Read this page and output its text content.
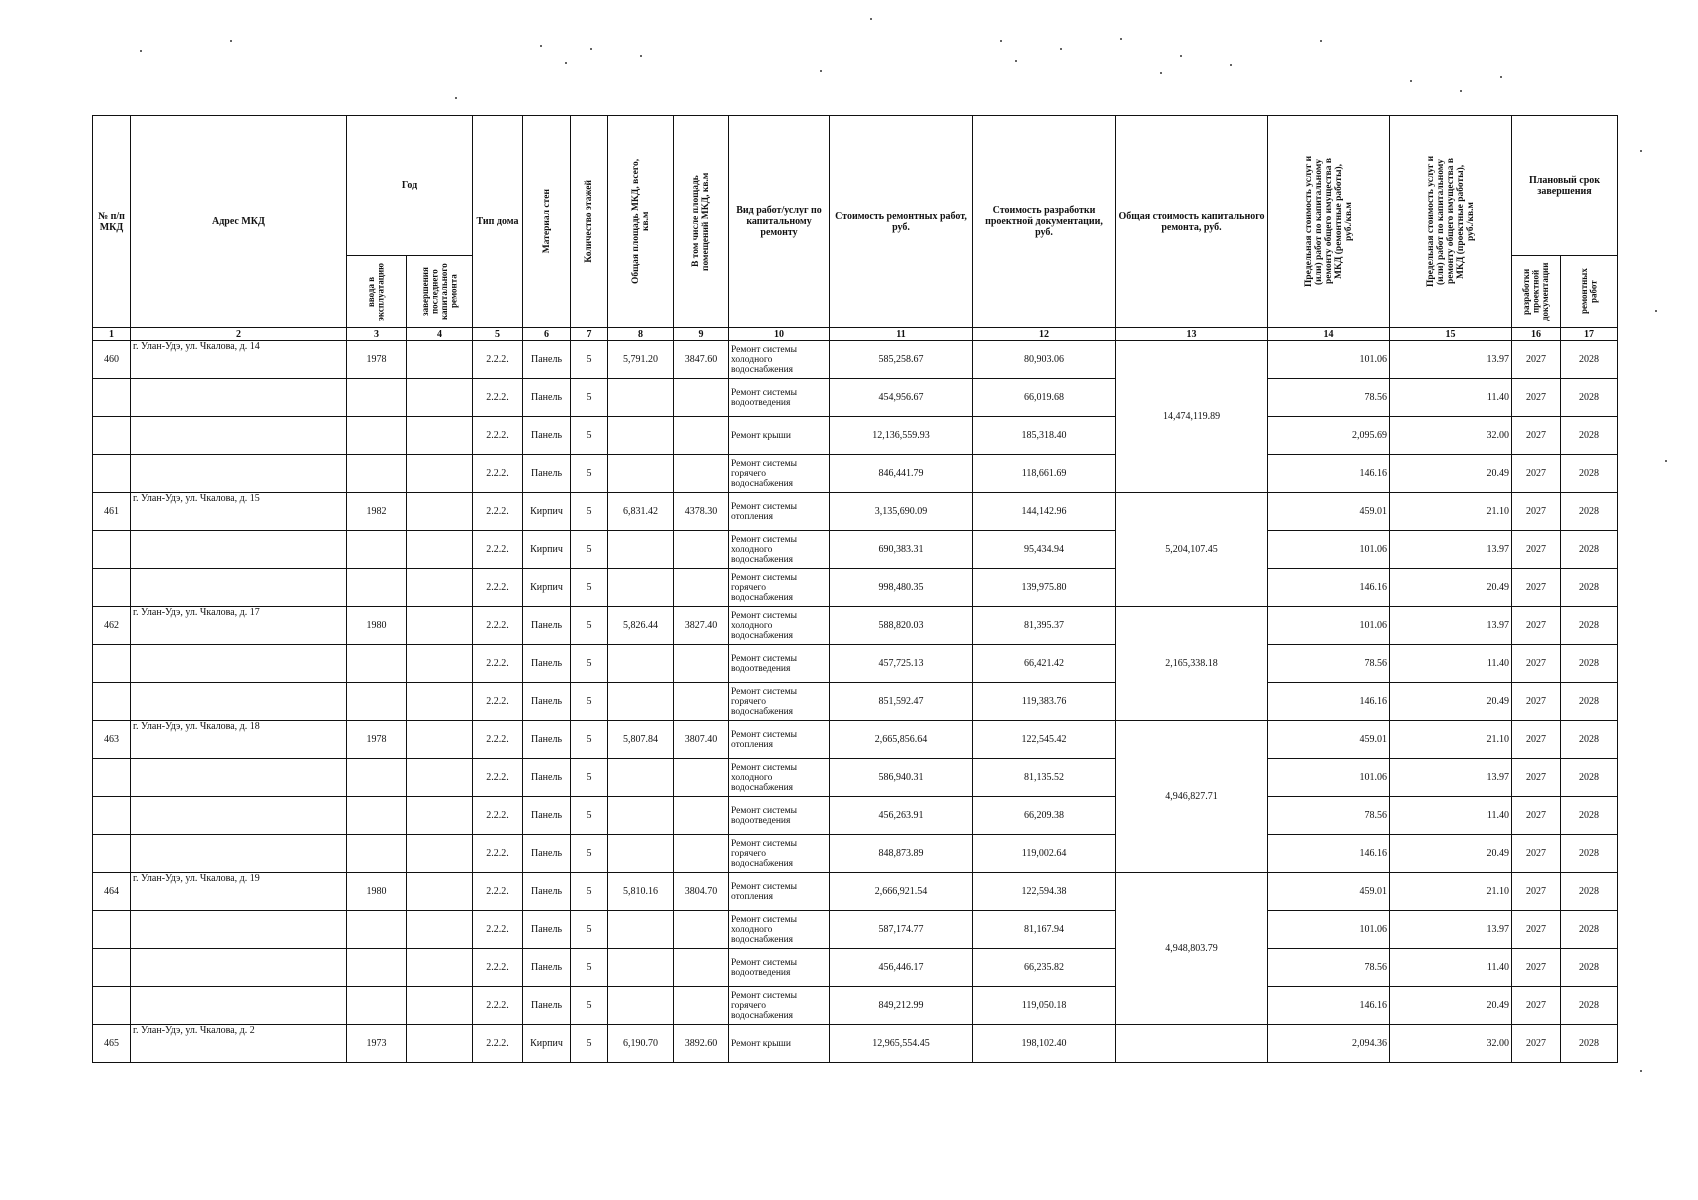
№ п/п МКД	Адрес МКД	Год		Тип дома	Материал стен	Количество этажей	Общая площадь МКД, всего, кв.м	В том числе площадь помещений МКД, кв.м	Вид работ/услуг по капитальному ремонту	Стоимость ремонтных работ, руб.	Стоимость разработки проектной документации, руб.	Общая стоимость капитального ремонта, руб.	Предельная стоимость услуг и (или) работ по капитальному ремонту общего имущества в МКД (ремонтные работы), руб./кв.м	Предельная стоимость услуг и (или) работ по капитальному ремонту общего имущества в МКД (проектные работы), руб./кв.м	Плановый срок завершения	

		ввода в эксплуатацию	завершения последнего капитального ремонта												разработки проектной документации	ремонтных работ

1	2	3	4	5	6	7	8	9	10	11	12	13	14	15	16	17
460	г. Улан-Удэ, ул. Чкалова, д. 14	1978		2.2.2.	Панель	5	5,791.20	3847.60	Ремонт системы холодного водоснабжения	585,258.67	80,903.06	14,474,119.89	101.06	13.97	2027	2028
				2.2.2.	Панель	5			Ремонт системы водоотведения	454,956.67	66,019.68		78.56	11.40	2027	2028
				2.2.2.	Панель	5			Ремонт крыши	12,136,559.93	185,318.40		2,095.69	32.00	2027	2028
				2.2.2.	Панель	5			Ремонт системы горячего водоснабжения	846,441.79	118,661.69		146.16	20.49	2027	2028
461	г. Улан-Удэ, ул. Чкалова, д. 15	1982		2.2.2.	Кирпич	5	6,831.42	4378.30	Ремонт системы отопления	3,135,690.09	144,142.96	5,204,107.45	459.01	21.10	2027	2028
				2.2.2.	Кирпич	5			Ремонт системы холодного водоснабжения	690,383.31	95,434.94		101.06	13.97	2027	2028
				2.2.2.	Кирпич	5			Ремонт системы горячего водоснабжения	998,480.35	139,975.80		146.16	20.49	2027	2028
462	г. Улан-Удэ, ул. Чкалова, д. 17	1980		2.2.2.	Панель	5	5,826.44	3827.40	Ремонт системы холодного водоснабжения	588,820.03	81,395.37	2,165,338.18	101.06	13.97	2027	2028
				2.2.2.	Панель	5			Ремонт системы водоотведения	457,725.13	66,421.42		78.56	11.40	2027	2028
				2.2.2.	Панель	5			Ремонт системы горячего водоснабжения	851,592.47	119,383.76		146.16	20.49	2027	2028
463	г. Улан-Удэ, ул. Чкалова, д. 18	1978		2.2.2.	Панель	5	5,807.84	3807.40	Ремонт системы отопления	2,665,856.64	122,545.42	4,946,827.71	459.01	21.10	2027	2028
				2.2.2.	Панель	5			Ремонт системы холодного водоснабжения	586,940.31	81,135.52		101.06	13.97	2027	2028
				2.2.2.	Панель	5			Ремонт системы водоотведения	456,263.91	66,209.38		78.56	11.40	2027	2028
				2.2.2.	Панель	5			Ремонт системы горячего водоснабжения	848,873.89	119,002.64		146.16	20.49	2027	2028
464	г. Улан-Удэ, ул. Чкалова, д. 19	1980		2.2.2.	Панель	5	5,810.16	3804.70	Ремонт системы отопления	2,666,921.54	122,594.38	4,948,803.79	459.01	21.10	2027	2028
				2.2.2.	Панель	5			Ремонт системы холодного водоснабжения	587,174.77	81,167.94		101.06	13.97	2027	2028
				2.2.2.	Панель	5			Ремонт системы водоотведения	456,446.17	66,235.82		78.56	11.40	2027	2028
				2.2.2.	Панель	5			Ремонт системы горячего водоснабжения	849,212.99	119,050.18		146.16	20.49	2027	2028
465	г. Улан-Удэ, ул. Чкалова, д. 2	1973		2.2.2.	Кирпич	5	6,190.70	3892.60	Ремонт крыши	12,965,554.45	198,102.40		2,094.36	32.00	2027	2028
